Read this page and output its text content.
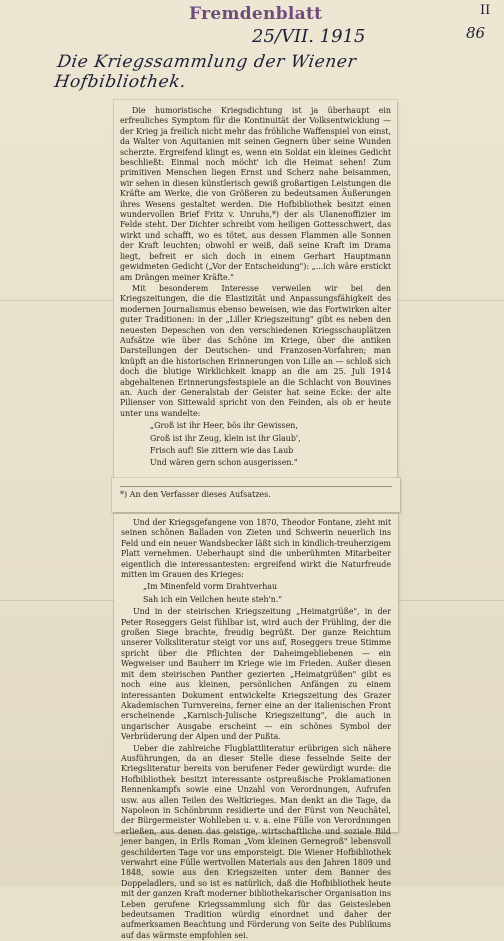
Fremdenblatt
25/VII. 1915
II
86
Die Kriegssammlung der Wiener Hofbibliothek.

Die humoristische Kriegsdichtung ist ja überhaupt ein erfreuliches Symptom für die Kontinuität der Volksentwicklung — der Krieg ja freilich nicht mehr das fröhliche Waffenspiel von einst, da Walter von Aquitanien mit seinen Gegnern über seine Wunden scherzte. Ergreifend klingt es, wenn ein Soldat ein kleines Gedicht beschließt: Einmal noch möcht' ich die Heimat sehen! Zum primitiven Menschen liegen Ernst und Scherz nahe beisammen, wir sehen in diesen künstlerisch gewiß großartigen Leistungen die Kräfte am Werke, die von Größeren zu bedeutsamen Äußerungen ihres Wesens gestaltet werden. Die Hofbibliothek besitzt einen wundervollen Brief Fritz v. Unruhs,*) der als Ulanenoffizier im Felde steht. Der Dichter schreibt vom heiligen Gottesschwert, das wirkt und schafft, wo es tötet, aus dessen Flammen alle Sonnen der Kraft leuchten; obwohl er weiß, daß seine Kraft im Drama liegt, befreit er sich doch in einem Gerhart Hauptmann gewidmeten Gedicht („Vor der Entscheidung"): „...ich wäre erstickt am Drängen meiner Kräfte."

Mit besonderem Interesse verweilen wir bei den Kriegszeitungen, die die Elastizität und Anpassungsfähigkeit des modernen Journalismus ebenso beweisen, wie das Fortwirken alter guter Traditionen: in der „Liller Kriegszeitung" gibt es neben den neuesten Depeschen von den verschiedenen Kriegsschauplätzen Aufsätze wie über das Schöne im Kriege, über die antiken Darstellungen der Deutschen- und Franzosen-Vorfahren; man knüpft an die historischen Erinnerungen von Lille an — schloß sich doch die blutige Wirklichkeit knapp an die am 25. Juli 1914 abgehaltenen Erinnerungsfestspiele an die Schlacht von Bouvines an. Auch der Generalstab der Geister hat seine Ecke: der alte Pilienser von Sittewald spricht von den Feinden, als ob er heute unter uns wandelte:

„Groß ist ihr Heer, bös ihr Gewissen,
Groß ist ihr Zeug, klein ist ihr Glaub',
Frisch auf! Sie zittern wie das Laub
Und wären gern schon ausgerissen."

*) An den Verfasser dieses Aufsatzes.

Und der Kriegsgefangene von 1870, Theodor Fontane, zieht mit seinen schönen Balladen von Zieten und Schwerin neuerlich ins Feld und ein neuer Wandsbecker läßt sich in kindlich-treuherzigem Platt vernehmen. Ueberhaupt sind die unberühmten Mitarbeiter eigentlich die interessantesten: ergreifend wirkt die Naturfreude mitten im Grauen des Krieges:

„Im Minenfeld vorm Drahtverhau
Sah ich ein Veilchen heute steh'n."

Und in der steirischen Kriegszeitung „Heimatgrüße", in der Peter Roseggers Geist fühlbar ist, wird auch der Frühling, der die großen Siege brachte, freudig begrüßt. Der ganze Reichtum unserer Volksliteratur steigt vor uns auf, Roseggers treue Stimme spricht über die Pflichten der Daheimgebliebenen — ein Wegweiser und Bauherr im Kriege wie im Frieden. Außer diesen mit dem steirischen Panther gezierten „Heimatgrüßen" gibt es noch eine aus kleinen, persönlichen Anfängen zu einem interessanten Dokument entwickelte Kriegszeitung des Grazer Akademischen Turnvereins, ferner eine an der italienischen Front erscheinende „Karnisch-Julische Kriegszeitung", die auch in ungarischer Ausgabe erscheint — ein schönes Symbol der Verbrüderung der Alpen und der Pußta.

Ueber die zahlreiche Flugblattliteratur erübrigen sich nähere Ausführungen, da an dieser Stelle diese fesselnde Seite der Kriegsliteratur bereits von berufener Feder gewürdigt wurde: die Hofbibliothek besitzt interessante ostpreußische Proklamationen Rennenkampfs sowie eine Unzahl von Verordnungen, Aufrufen usw. aus allen Teilen des Weltkrieges. Man denkt an die Tage, da Napoleon in Schönbrunn residierte und der Fürst von Neuchâtel, der Bürgermeister Wohlleben u. v. a. eine Fülle von Verordnungen erließen, aus denen das geistige, wirtschaftliche und soziale Bild jener bangen, in Erlls Roman „Vom kleinen Gernegroß" lebensvoll geschilderten Tage vor uns emporsteigt. Die Wiener Hofbibliothek verwahrt eine Fülle wertvollen Materials aus den Jahren 1809 und 1848, sowie aus den Kriegszeiten unter dem Banner des Doppeladlers, und so ist es natürlich, daß die Hofbibliothek heute mit der ganzen Kraft moderner bibliothekarischer Organisation ins Leben gerufene Kriegssammlung sich für das Geistesleben bedeutsamen Tradition würdig einordnet und daher der aufmerksamen Beachtung und Förderung von Seite des Publikums auf das wärmste empfohlen sei.
